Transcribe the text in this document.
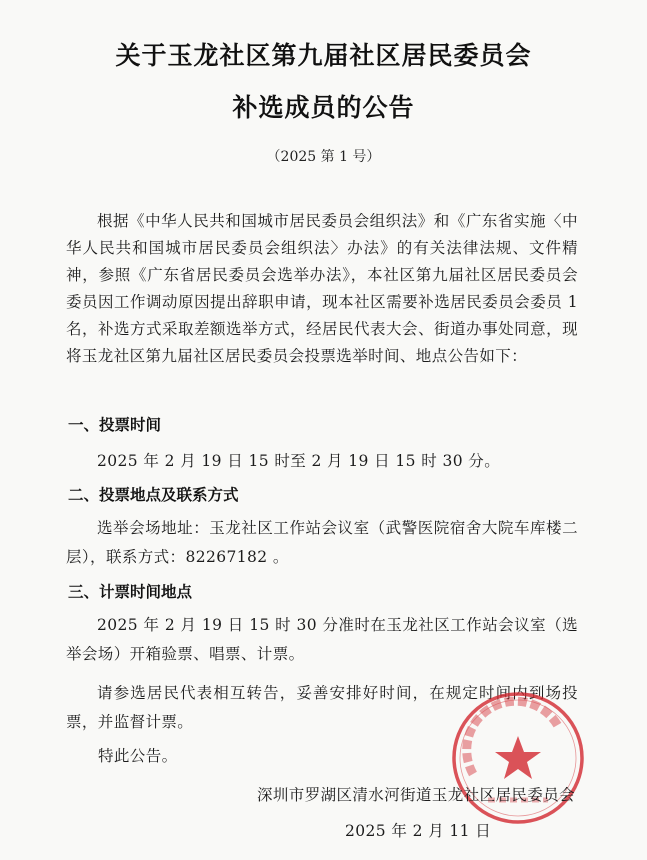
关于玉龙社区第九届社区居民委员会
补选成员的公告
（2025 第 1 号）

根据《中华人民共和国城市居民委员会组织法》和《广东省实施〈中华人民共和国城市居民委员会组织法〉办法》的有关法律法规、文件精神，参照《广东省居民委员会选举办法》，本社区第九届社区居民委员会委员因工作调动原因提出辞职申请，现本社区需要补选居民委员会委员 1 名，补选方式采取差额选举方式，经居民代表大会、街道办事处同意，现将玉龙社区第九届社区居民委员会投票选举时间、地点公告如下：

一、投票时间

2025 年 2 月 19 日 15 时至 2 月 19 日 15 时 30 分。

二、投票地点及联系方式

选举会场地址：玉龙社区工作站会议室（武警医院宿舍大院车库楼二层），联系方式：82267182 。

三、计票时间地点

2025 年 2 月 19 日 15 时 30 分准时在玉龙社区工作站会议室（选举会场）开箱验票、唱票、计票。

请参选居民代表相互转告，妥善安排好时间，在规定时间内到场投票，并监督计票。

特此公告。
深圳市罗湖区清水河街道玉龙社区居民委员会
2025 年 2 月 11 日
